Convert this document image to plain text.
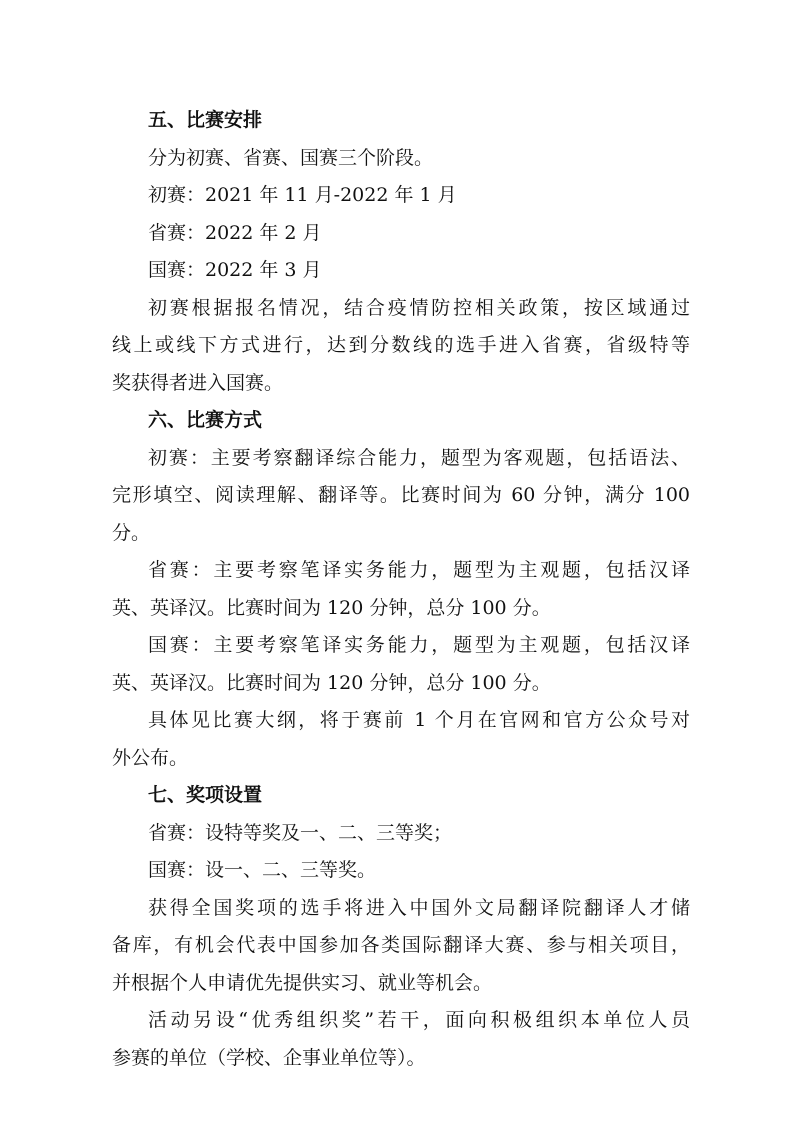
五、比赛安排
分为初赛、省赛、国赛三个阶段。
初赛：2021 年 11 月-2022 年 1 月
省赛：2022 年 2 月
国赛：2022 年 3 月
初赛根据报名情况，结合疫情防控相关政策，按区域通过
线上或线下方式进行，达到分数线的选手进入省赛，省级特等
奖获得者进入国赛。
六、比赛方式
初赛：主要考察翻译综合能力，题型为客观题，包括语法、
完形填空、阅读理解、翻译等。比赛时间为 60 分钟，满分 100
分。
省赛：主要考察笔译实务能力，题型为主观题，包括汉译
英、英译汉。比赛时间为 120 分钟，总分 100 分。
国赛：主要考察笔译实务能力，题型为主观题，包括汉译
英、英译汉。比赛时间为 120 分钟，总分 100 分。
具体见比赛大纲，将于赛前 1 个月在官网和官方公众号对
外公布。
七、奖项设置
省赛：设特等奖及一、二、三等奖；
国赛：设一、二、三等奖。
获得全国奖项的选手将进入中国外文局翻译院翻译人才储
备库，有机会代表中国参加各类国际翻译大赛、参与相关项目，
并根据个人申请优先提供实习、就业等机会。
活动另设“优秀组织奖”若干，面向积极组织本单位人员
参赛的单位（学校、企事业单位等）。
